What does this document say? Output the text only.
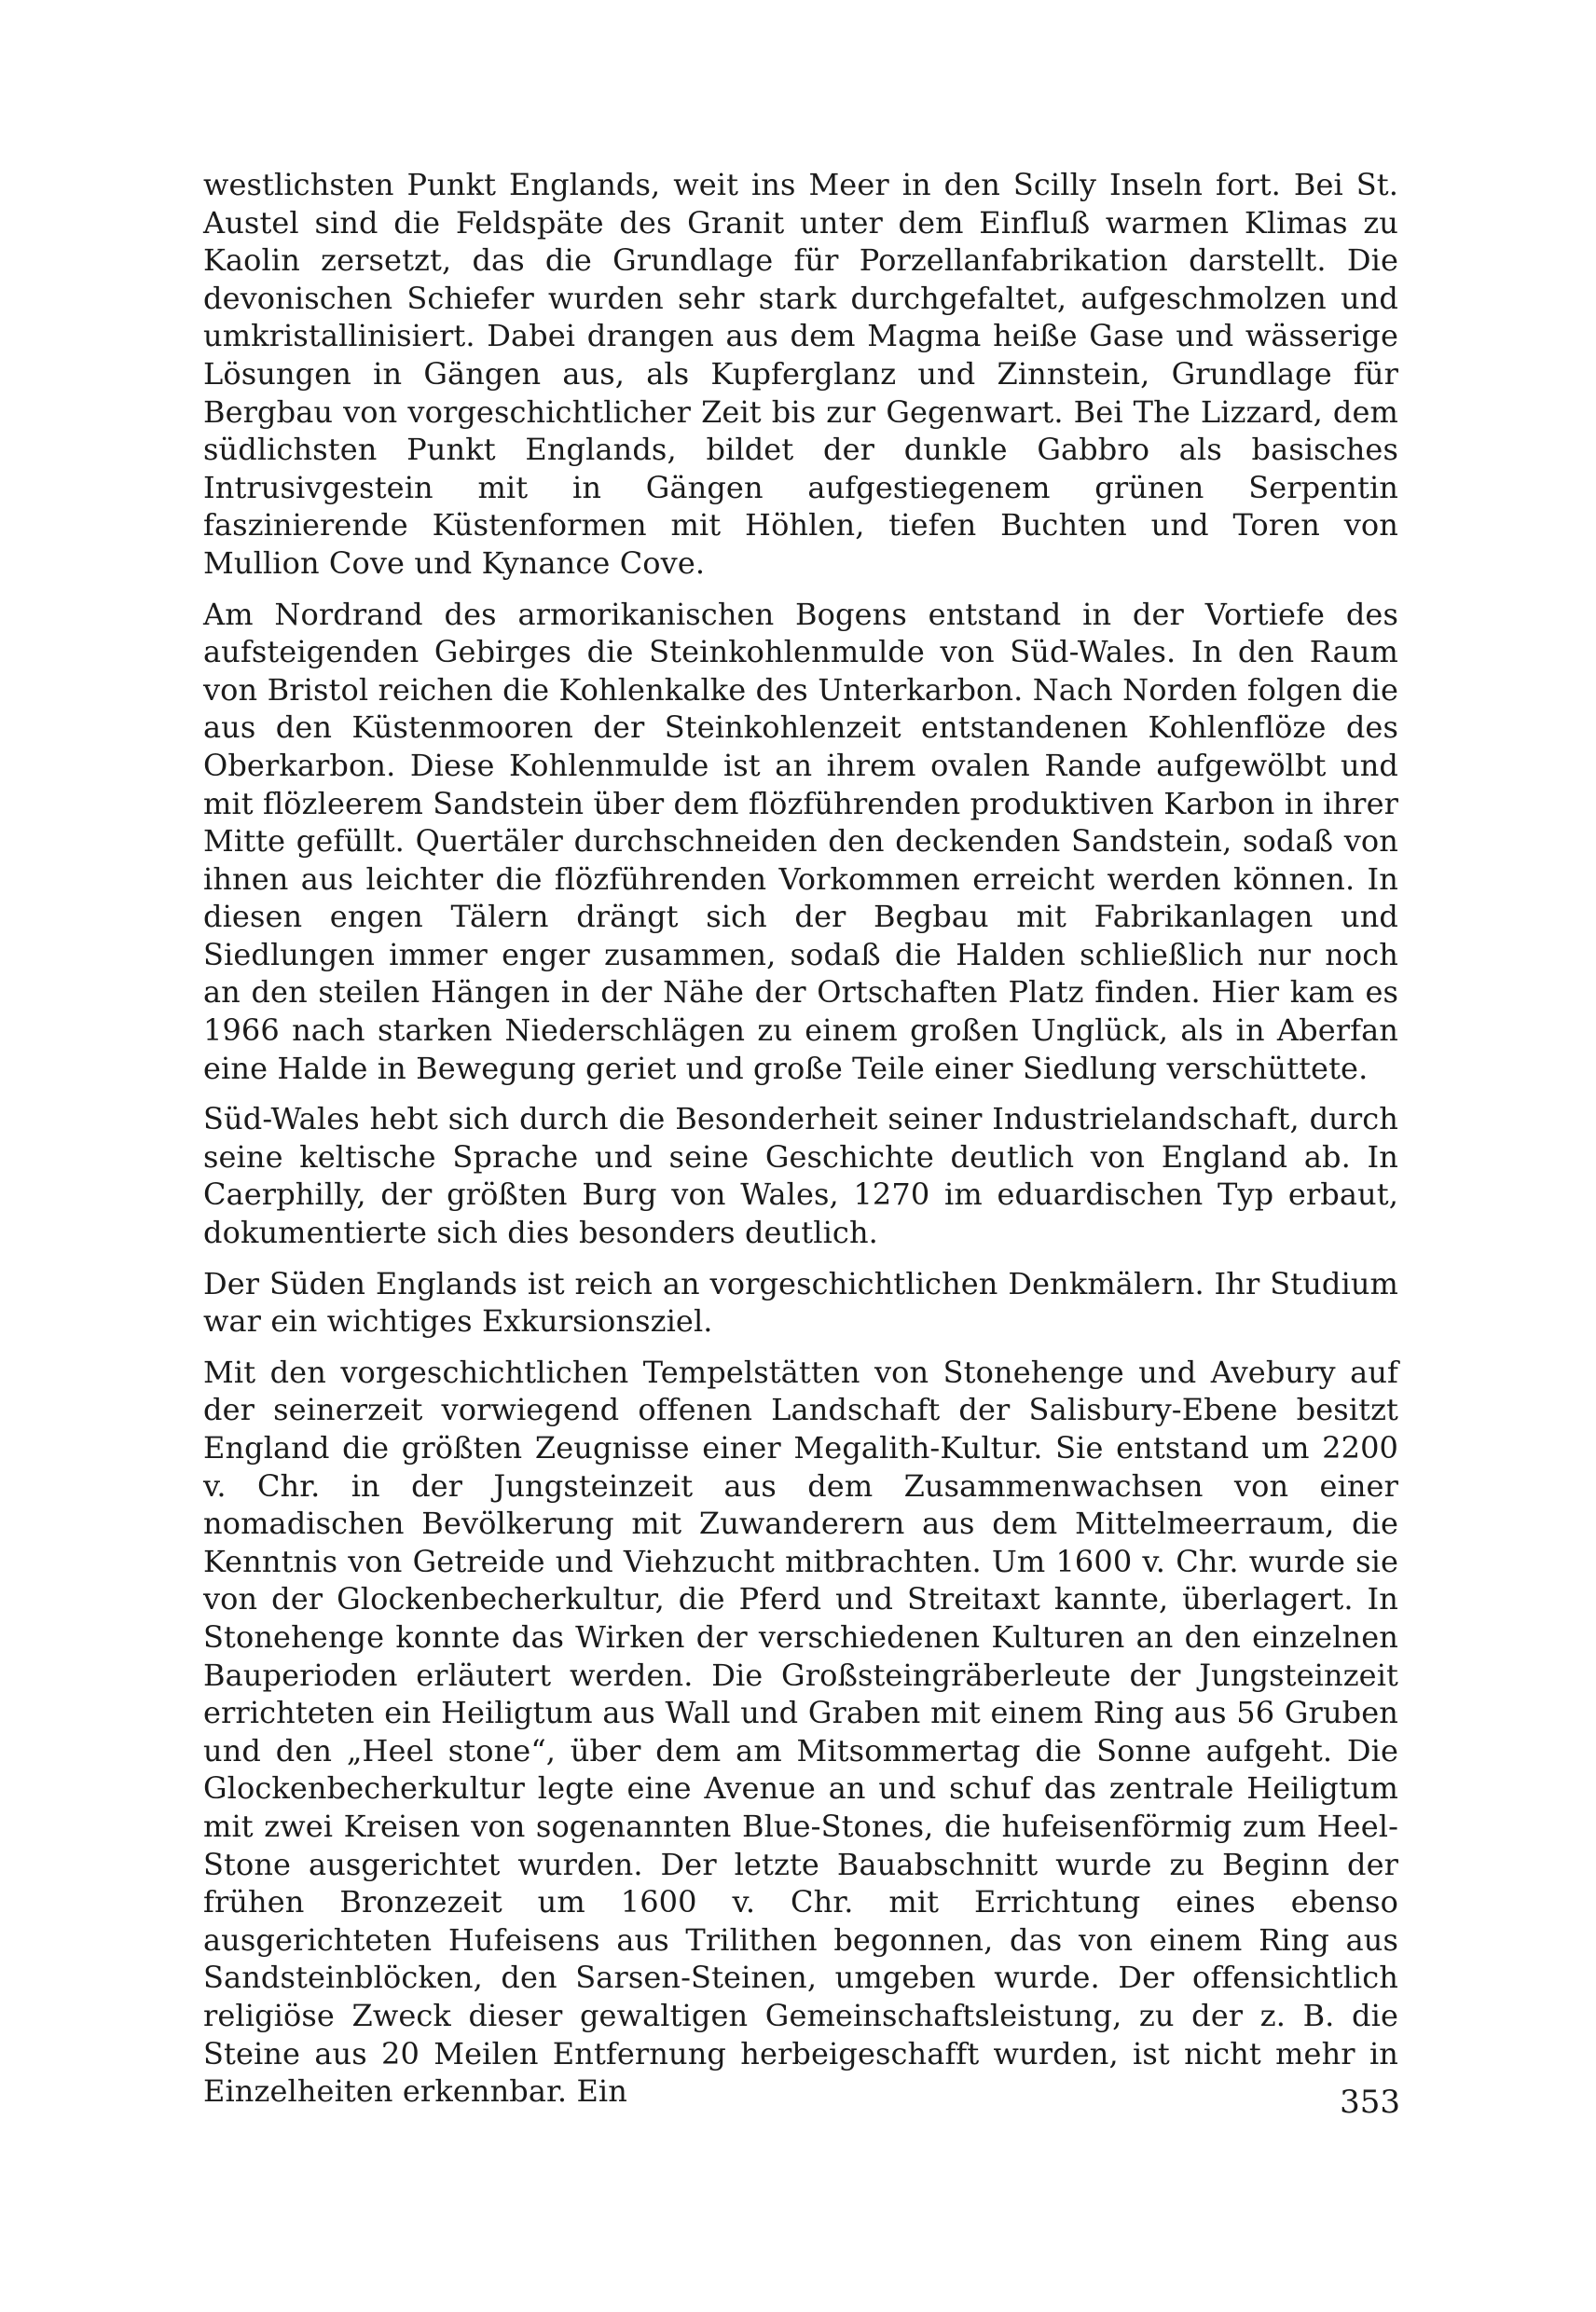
westlichsten Punkt Englands, weit ins Meer in den Scilly Inseln fort. Bei St. Austel sind die Feldspäte des Granit unter dem Einfluß warmen Klimas zu Kaolin zersetzt, das die Grundlage für Porzellanfabrikation darstellt. Die devonischen Schiefer wurden sehr stark durchgefaltet, aufgeschmolzen und umkristallinisiert. Dabei drangen aus dem Magma heiße Gase und wässerige Lösungen in Gängen aus, als Kupferglanz und Zinnstein, Grundlage für Bergbau von vorgeschichtlicher Zeit bis zur Gegenwart. Bei The Lizzard, dem südlichsten Punkt Englands, bildet der dunkle Gabbro als basisches Intrusivgestein mit in Gängen aufgestiegenem grünen Serpentin faszinierende Küstenformen mit Höhlen, tiefen Buchten und Toren von Mullion Cove und Kynance Cove.

Am Nordrand des armorikanischen Bogens entstand in der Vortiefe des aufsteigenden Gebirges die Steinkohlenmulde von Süd-Wales. In den Raum von Bristol reichen die Kohlenkalke des Unterkarbon. Nach Norden folgen die aus den Küstenmooren der Steinkohlenzeit entstandenen Kohlenflöze des Oberkarbon. Diese Kohlenmulde ist an ihrem ovalen Rande aufgewölbt und mit flözleerem Sandstein über dem flözführenden produktiven Karbon in ihrer Mitte gefüllt. Quertäler durchschneiden den deckenden Sandstein, sodaß von ihnen aus leichter die flözführenden Vorkommen erreicht werden können. In diesen engen Tälern drängt sich der Begbau mit Fabrikanlagen und Siedlungen immer enger zusammen, sodaß die Halden schließlich nur noch an den steilen Hängen in der Nähe der Ortschaften Platz finden. Hier kam es 1966 nach starken Niederschlägen zu einem großen Unglück, als in Aberfan eine Halde in Bewegung geriet und große Teile einer Siedlung verschüttete.

Süd-Wales hebt sich durch die Besonderheit seiner Industrielandschaft, durch seine keltische Sprache und seine Geschichte deutlich von England ab. In Caerphilly, der größten Burg von Wales, 1270 im eduardischen Typ erbaut, dokumentierte sich dies besonders deutlich.

Der Süden Englands ist reich an vorgeschichtlichen Denkmälern. Ihr Studium war ein wichtiges Exkursionsziel.

Mit den vorgeschichtlichen Tempelstätten von Stonehenge und Avebury auf der seinerzeit vorwiegend offenen Landschaft der Salisbury-Ebene besitzt England die größten Zeugnisse einer Megalith-Kultur. Sie entstand um 2200 v. Chr. in der Jungsteinzeit aus dem Zusammenwachsen von einer nomadischen Bevölkerung mit Zuwanderern aus dem Mittelmeerraum, die Kenntnis von Getreide und Viehzucht mitbrachten. Um 1600 v. Chr. wurde sie von der Glockenbecherkultur, die Pferd und Streitaxt kannte, überlagert. In Stonehenge konnte das Wirken der verschiedenen Kulturen an den einzelnen Bauperioden erläutert werden. Die Großsteingräberleute der Jungsteinzeit errichteten ein Heiligtum aus Wall und Graben mit einem Ring aus 56 Gruben und den „Heel stone“, über dem am Mitsommertag die Sonne aufgeht. Die Glockenbecherkultur legte eine Avenue an und schuf das zentrale Heiligtum mit zwei Kreisen von sogenannten Blue-Stones, die hufeisenförmig zum Heel-Stone ausgerichtet wurden. Der letzte Bauabschnitt wurde zu Beginn der frühen Bronzezeit um 1600 v. Chr. mit Errichtung eines ebenso ausgerichteten Hufeisens aus Trilithen begonnen, das von einem Ring aus Sandsteinblöcken, den Sarsen-Steinen, umgeben wurde. Der offensichtlich religiöse Zweck dieser gewaltigen Gemeinschaftsleistung, zu der z. B. die Steine aus 20 Meilen Entfernung herbeigeschafft wurden, ist nicht mehr in Einzelheiten erkennbar. Ein	353
